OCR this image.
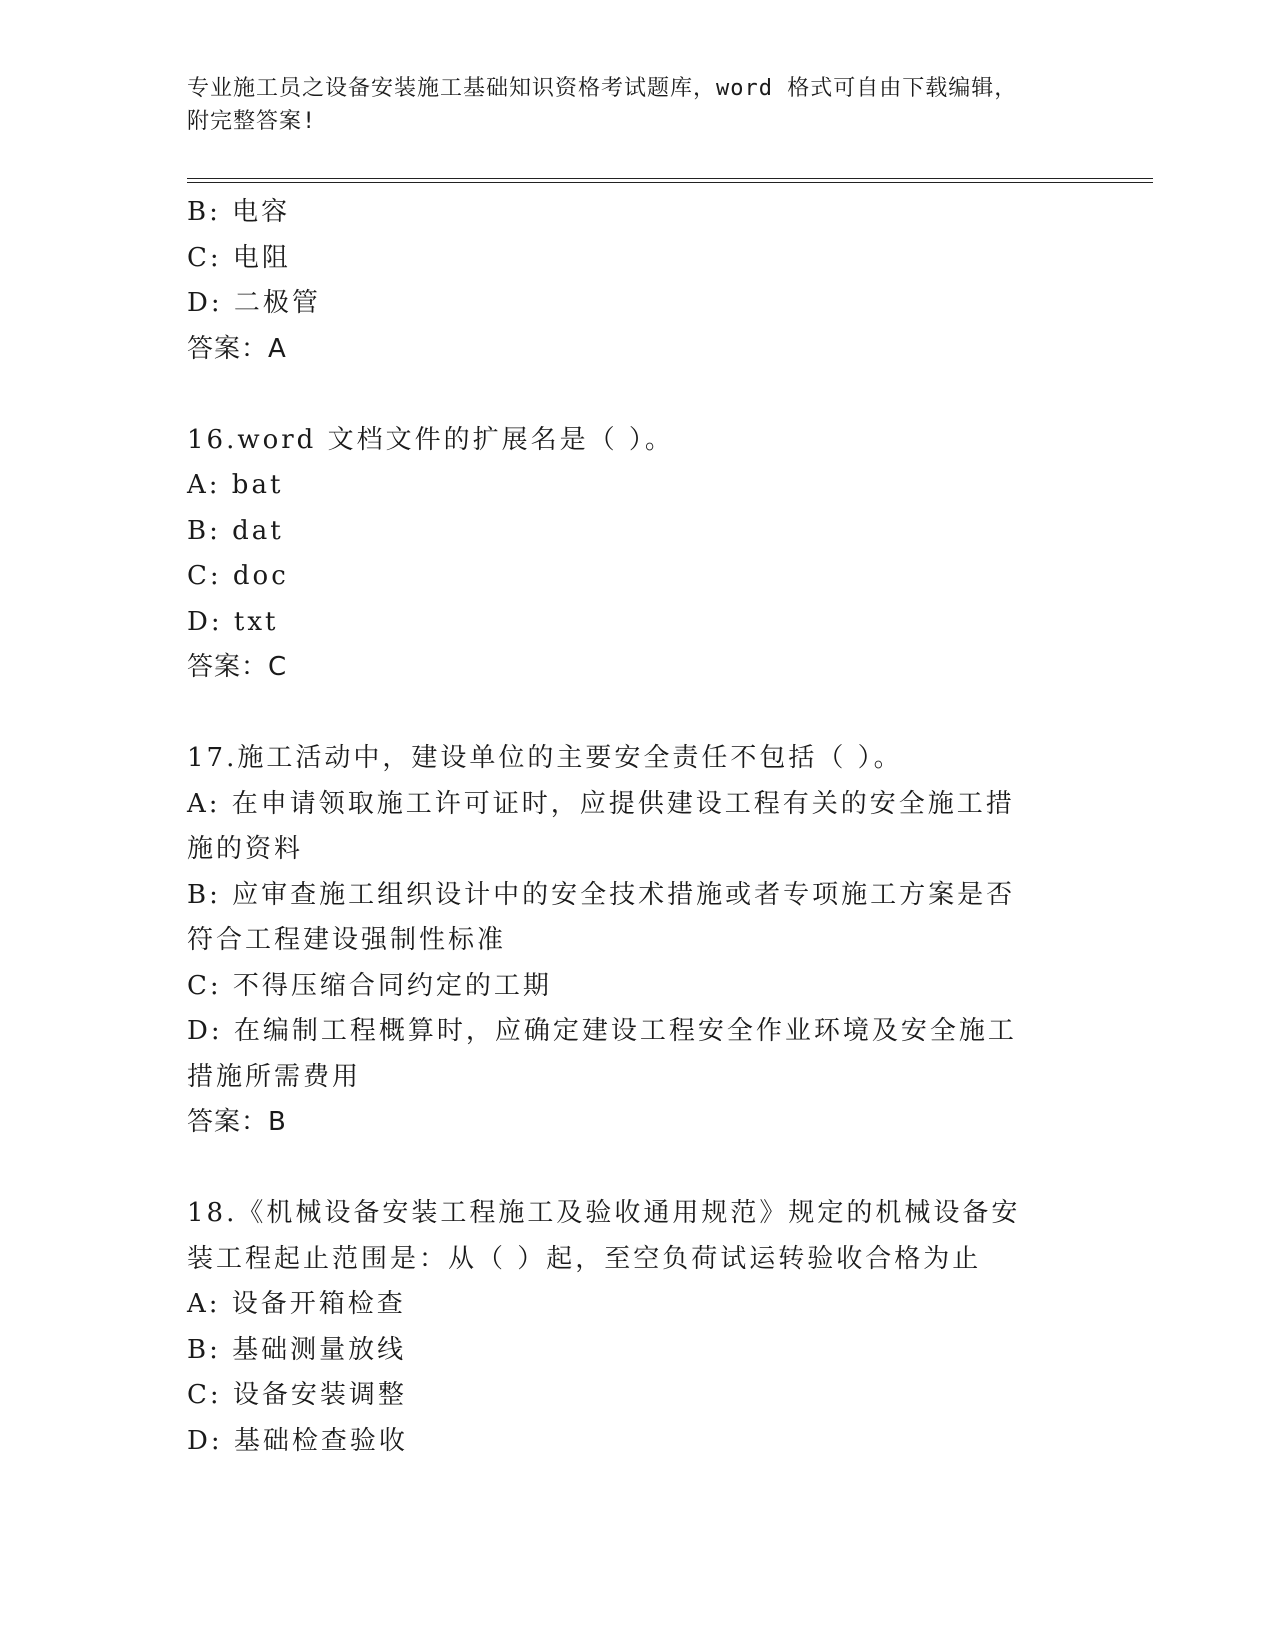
专业施工员之设备安装施工基础知识资格考试题库，word 格式可自由下载编辑，
附完整答案!
B: 电容
C: 电阻
D: 二极管
答案：A
16.word 文档文件的扩展名是（ ）。
A: bat
B: dat
C: doc
D: txt
答案：C
17.施工活动中，建设单位的主要安全责任不包括（ ）。
A: 在申请领取施工许可证时，应提供建设工程有关的安全施工措施的资料
B: 应审查施工组织设计中的安全技术措施或者专项施工方案是否符合工程建设强制性标准
C: 不得压缩合同约定的工期
D: 在编制工程概算时，应确定建设工程安全作业环境及安全施工措施所需费用
答案：B
18.《机械设备安装工程施工及验收通用规范》规定的机械设备安装工程起止范围是：从（ ）起，至空负荷试运转验收合格为止
A: 设备开箱检查
B: 基础测量放线
C: 设备安装调整
D: 基础检查验收
